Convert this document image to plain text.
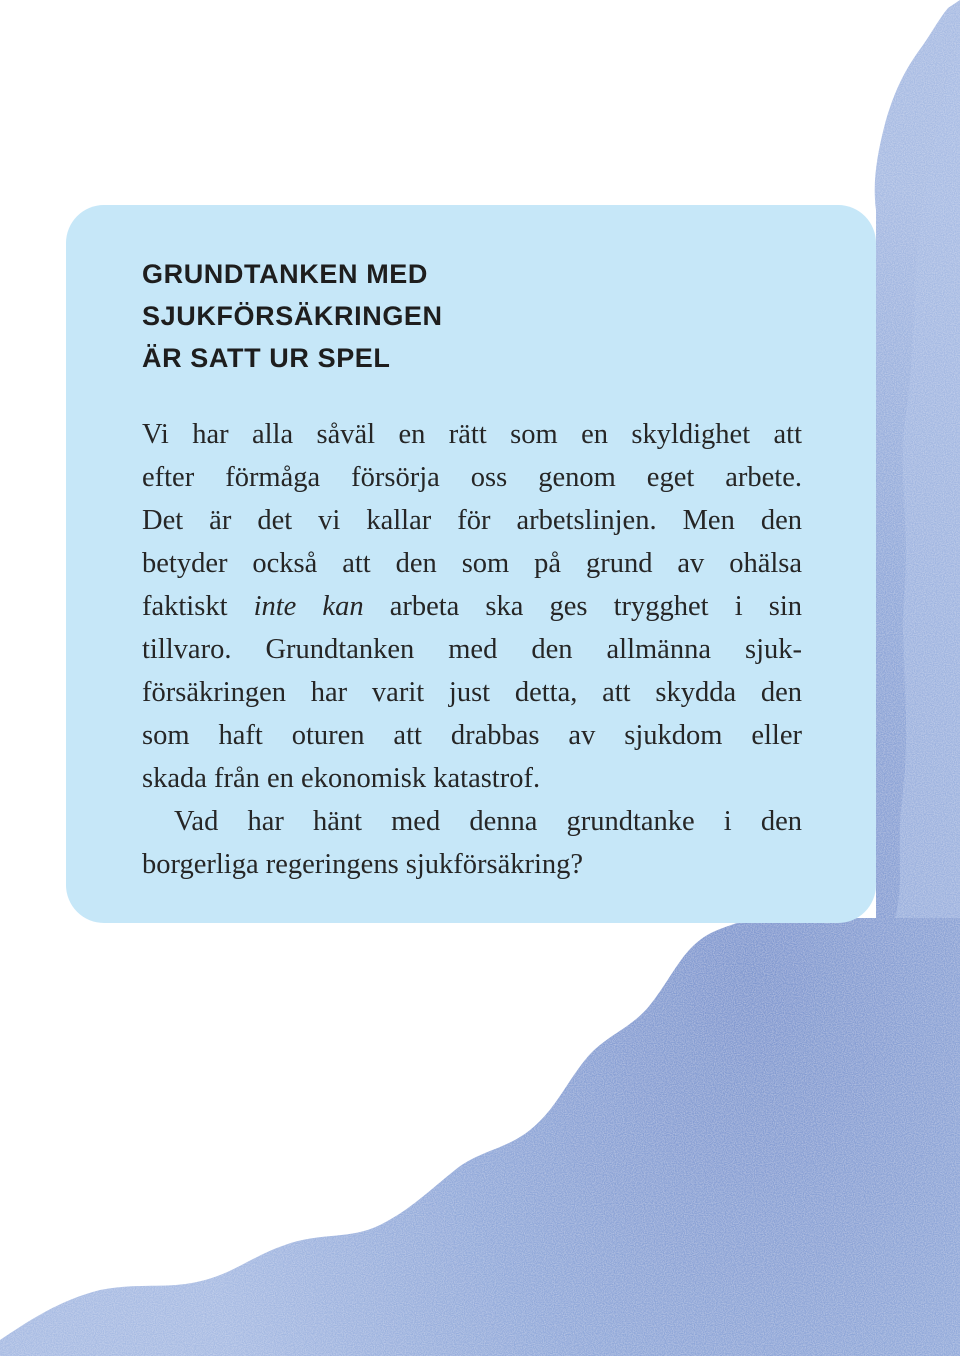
GRUNDTANKEN MED
SJUKFÖRSÄKRINGEN
ÄR SATT UR SPEL
Vi har alla såväl en rätt som en skyldighet att
efter förmåga försörja oss genom eget arbete.
Det är det vi kallar för arbetslinjen. Men den
betyder också att den som på grund av ohälsa
faktiskt inte kan arbeta ska ges trygghet i sin
tillvaro. Grundtanken med den allmänna sjuk-
försäkringen har varit just detta, att skydda den
som haft oturen att drabbas av sjukdom eller
skada från en ekonomisk katastrof.
Vad har hänt med denna grundtanke i den
borgerliga regeringens sjukförsäkring?
